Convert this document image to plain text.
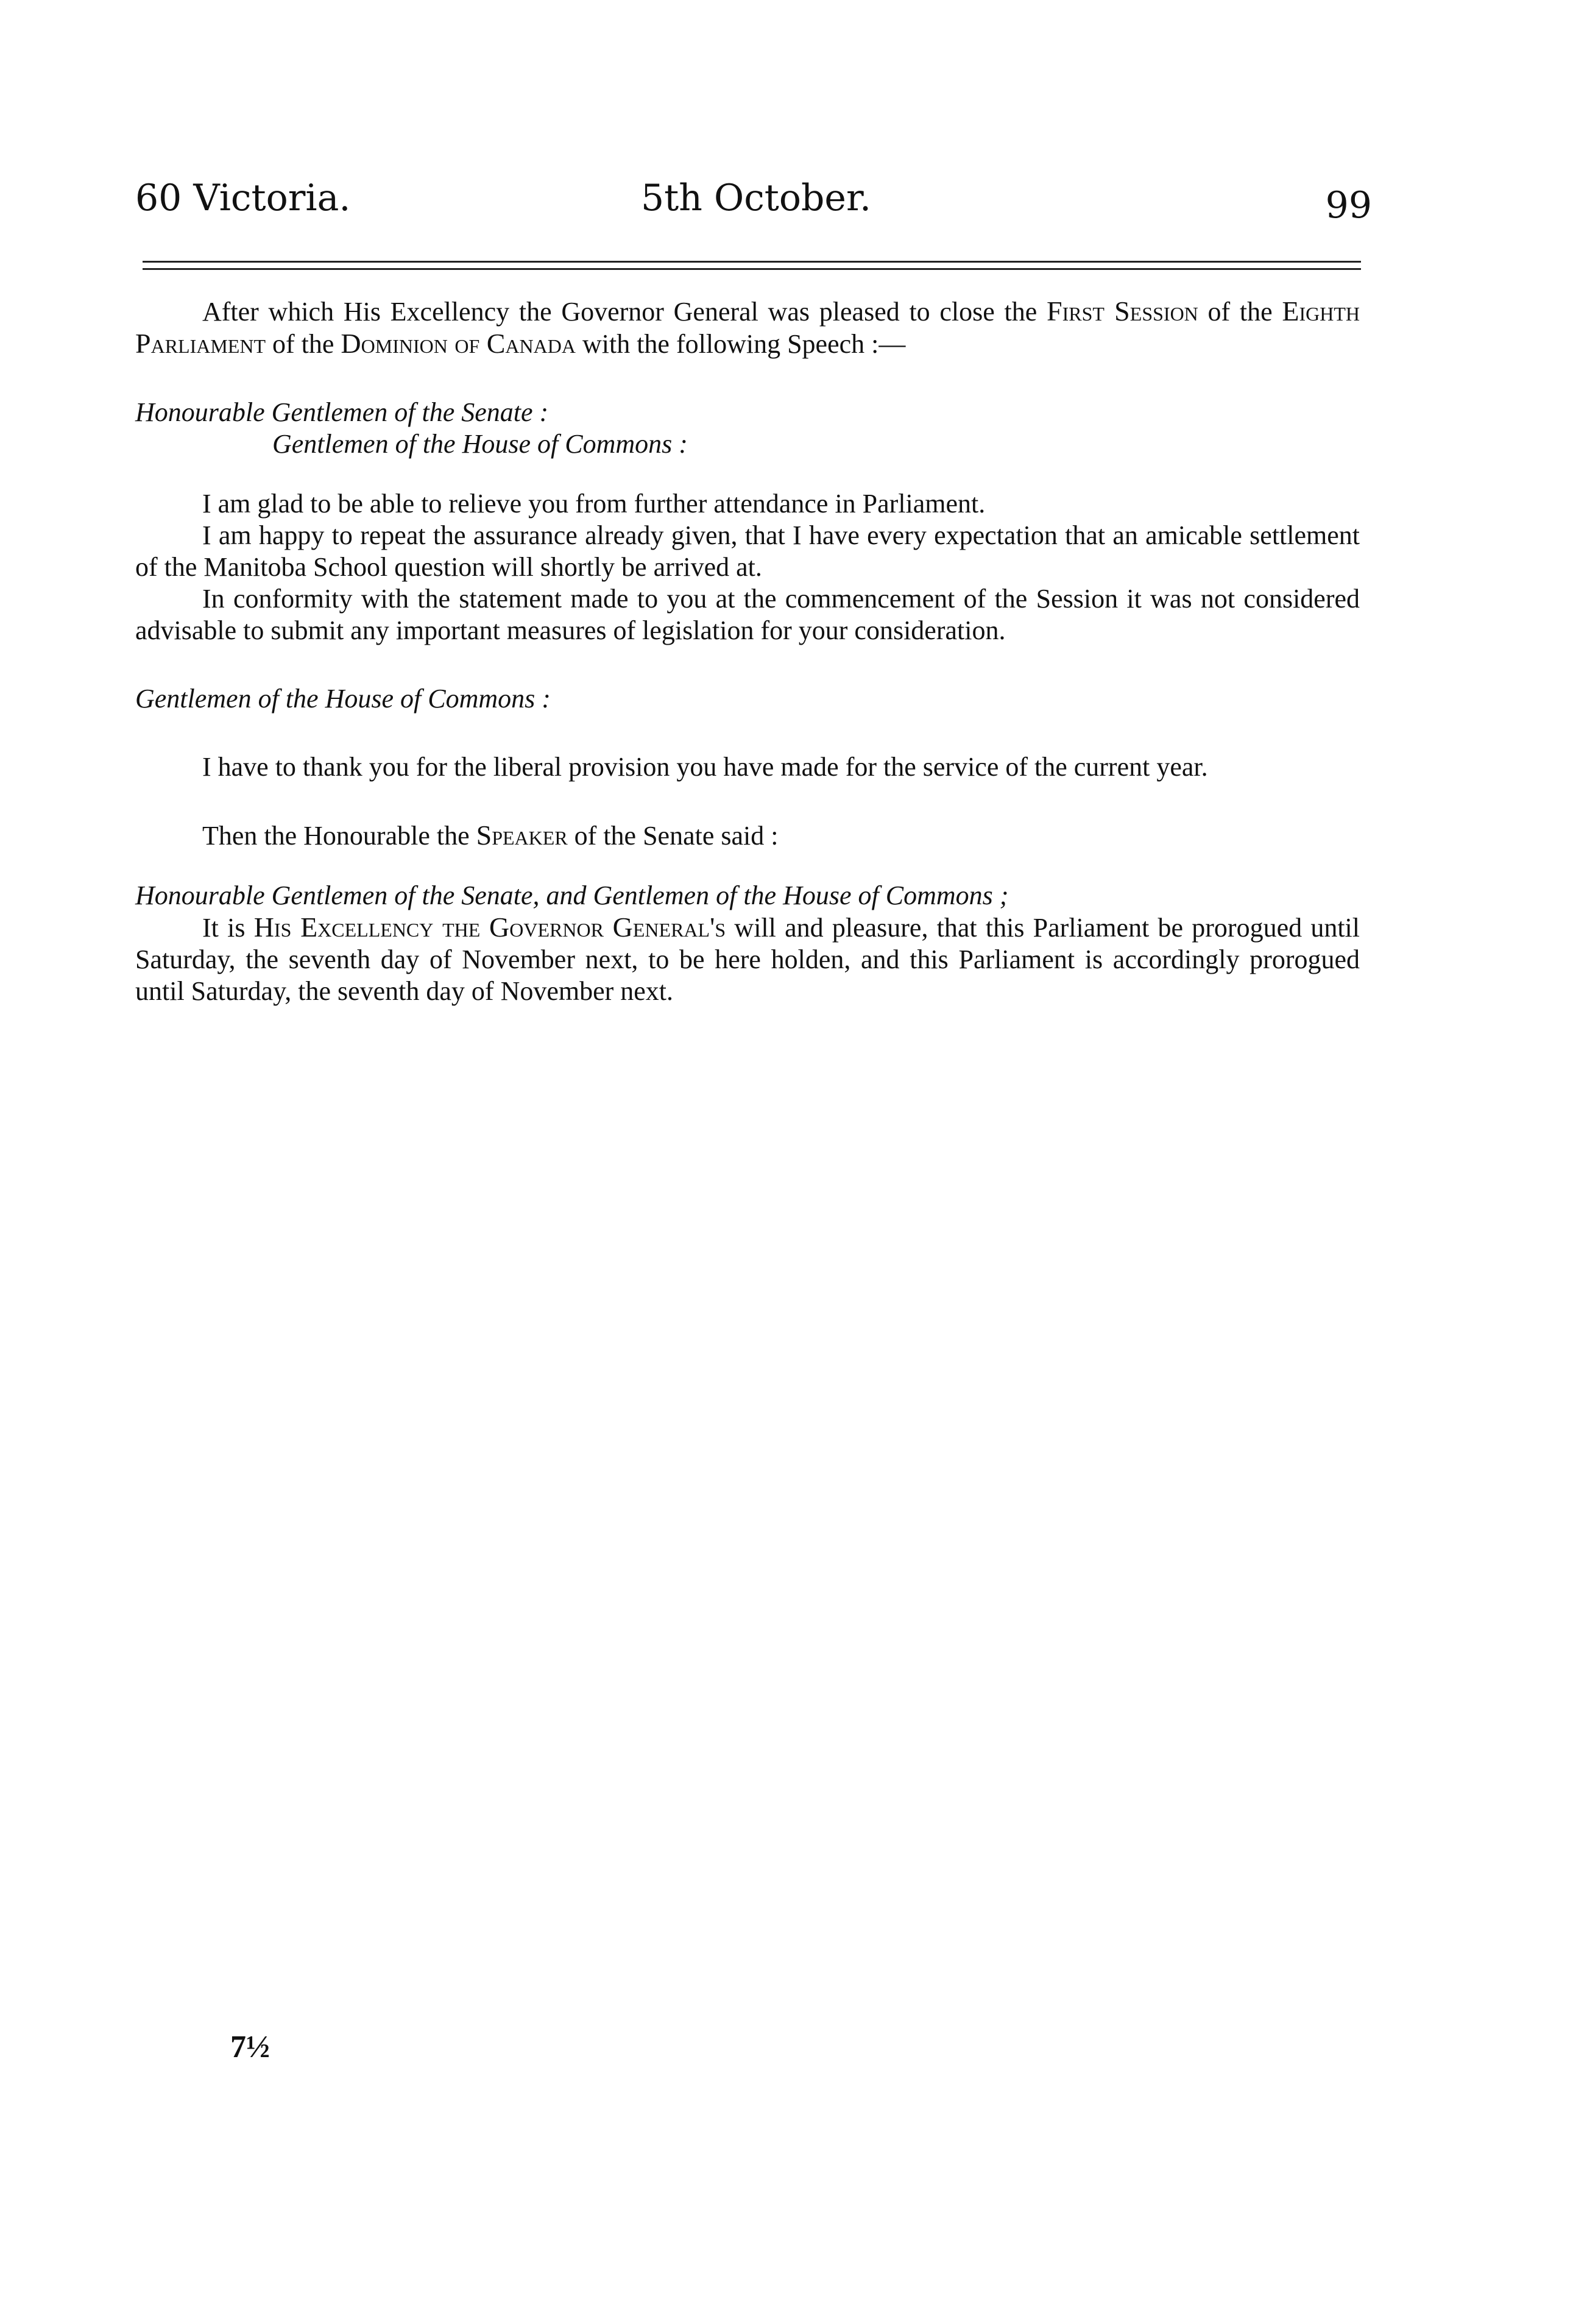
60 Victoria.	5th October.	99

After which His Excellency the Governor General was pleased to close the First Session of the Eighth Parliament of the Dominion of Canada with the following Speech :—

Honourable Gentlemen of the Senate :

Gentlemen of the House of Commons :

I am glad to be able to relieve you from further attendance in Parliament.

I am happy to repeat the assurance already given, that I have every expectation that an amicable settlement of the Manitoba School question will shortly be arrived at.

In conformity with the statement made to you at the commencement of the Session it was not considered advisable to submit any important measures of legislation for your consideration.

Gentlemen of the House of Commons :

I have to thank you for the liberal provision you have made for the service of the current year.

Then the Honourable the Speaker of the Senate said :

Honourable Gentlemen of the Senate, and Gentlemen of the House of Commons ;

It is His Excellency the Governor General's will and pleasure, that this Parliament be prorogued until Saturday, the seventh day of November next, to be here holden, and this Parliament is accordingly prorogued until Saturday, the seventh day of November next.

7½
